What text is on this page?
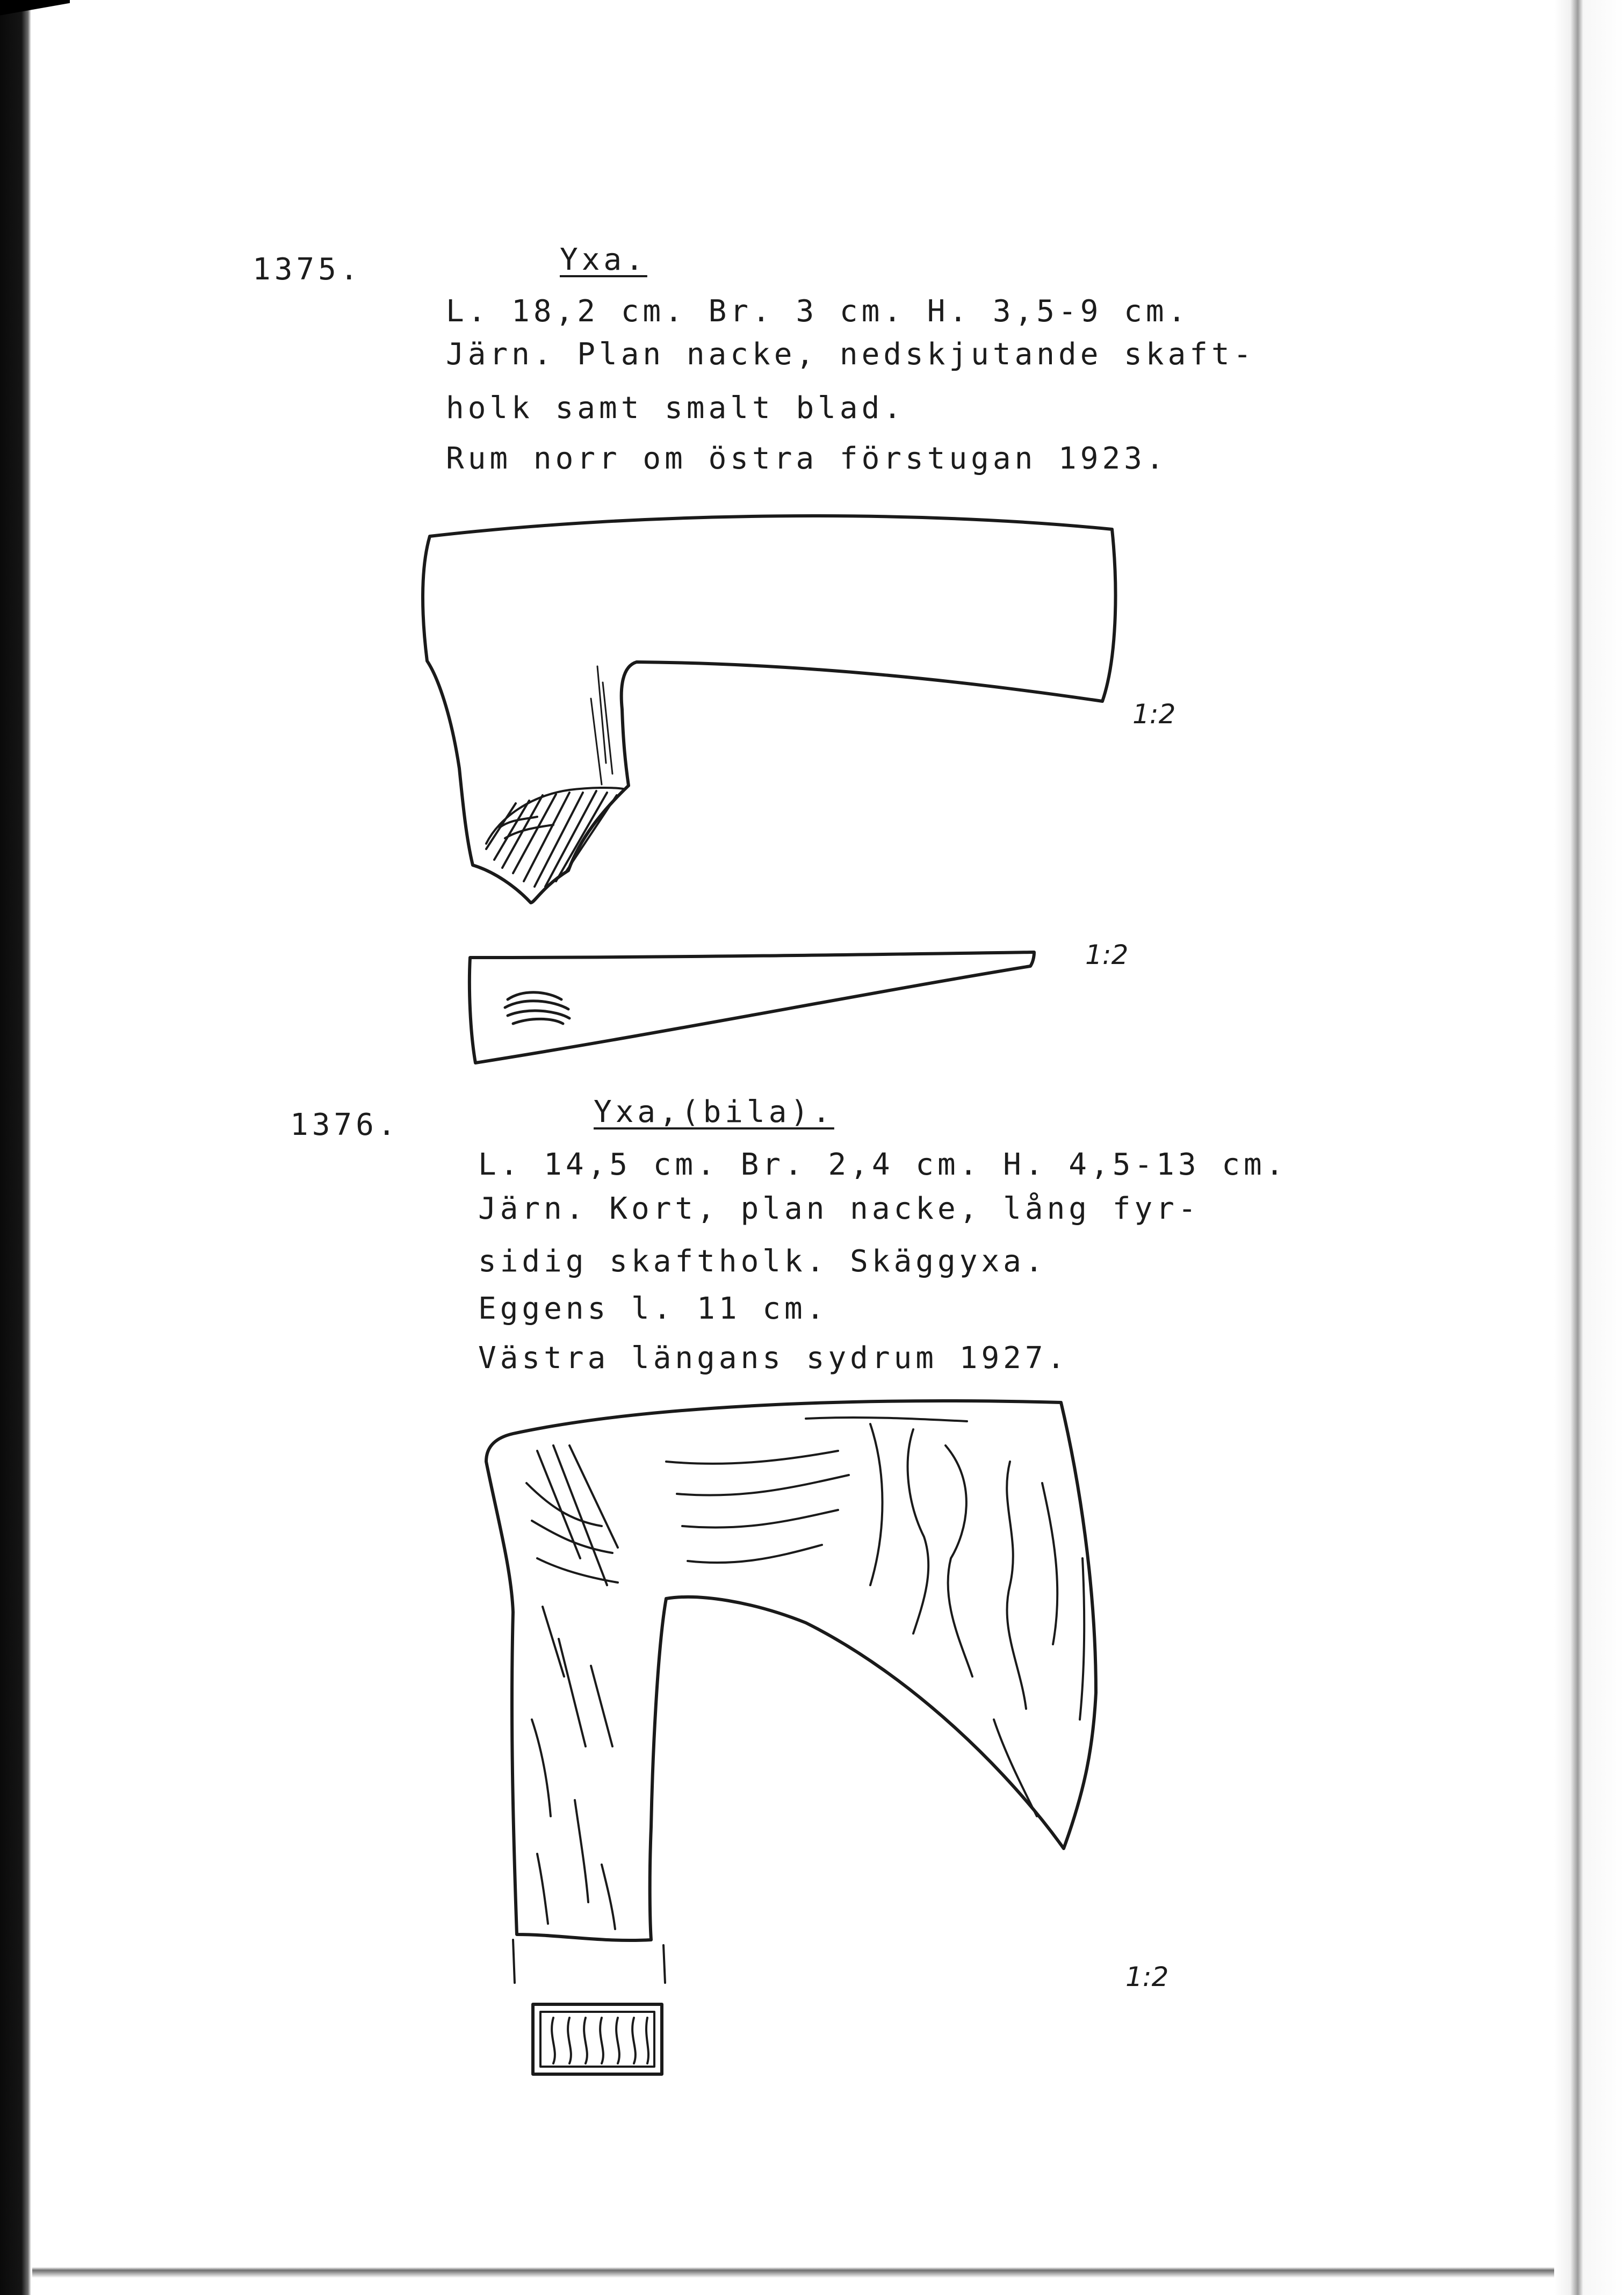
1375.	Yxa.
L. 18,2 cm. Br. 3 cm. H. 3,5-9 cm.
Järn. Plan nacke, nedskjutande skaft-
holk samt smalt blad.
Rum norr om östra förstugan 1923.
1:2
1:2
1376.	Yxa,(bila).
L. 14,5 cm. Br. 2,4 cm. H. 4,5-13 cm.
Järn. Kort, plan nacke, lång fyr-
sidig skaftholk. Skäggyxa.
Eggens l. 11 cm.
Västra längans sydrum 1927.
1:2
